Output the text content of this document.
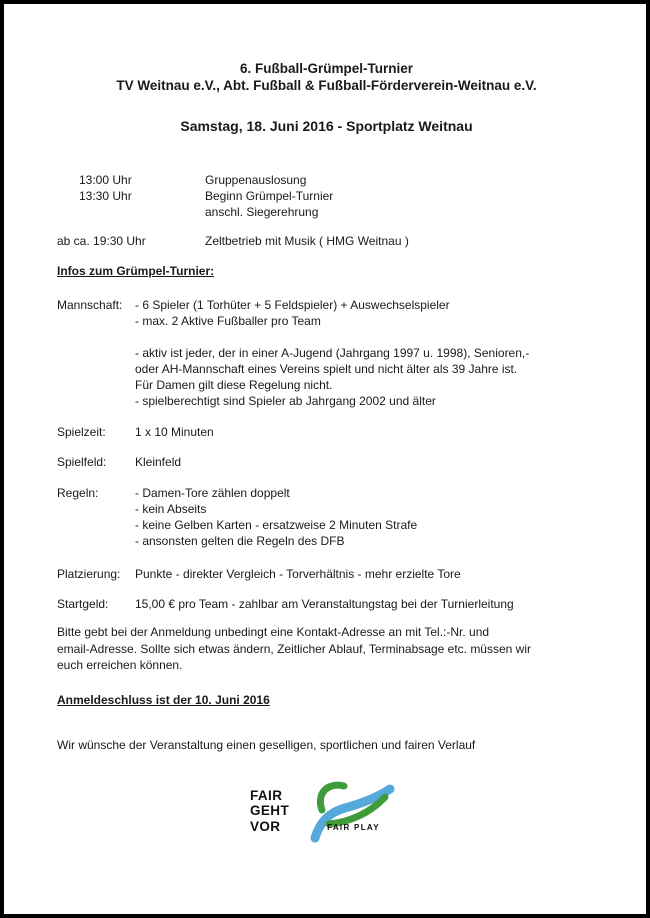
6. Fußball-Grümpel-Turnier
TV Weitnau e.V., Abt. Fußball & Fußball-Förderverein-Weitnau e.V.
Samstag, 18. Juni 2016 - Sportplatz Weitnau
13:00 Uhr	Gruppenauslosung
13:30 Uhr	Beginn Grümpel-Turnier
anschl. Siegerehrung
ab ca. 19:30 Uhr	Zeltbetrieb mit Musik ( HMG Weitnau )
Infos zum Grümpel-Turnier:
Mannschaft:	- 6 Spieler (1 Torhüter + 5 Feldspieler) + Auswechselspieler
- max. 2 Aktive Fußballer pro Team
- aktiv ist jeder, der in einer A-Jugend (Jahrgang 1997 u. 1998), Senioren,-
oder AH-Mannschaft eines Vereins spielt und nicht älter als 39 Jahre ist.
Für Damen gilt diese Regelung nicht.
- spielberechtigt sind Spieler ab Jahrgang 2002 und älter
Spielzeit:	1 x 10 Minuten
Spielfeld:	Kleinfeld
Regeln:	- Damen-Tore zählen doppelt
- kein Abseits
- keine Gelben Karten - ersatzweise 2 Minuten Strafe
- ansonsten gelten die Regeln des DFB
Platzierung:	Punkte - direkter Vergleich - Torverhältnis - mehr erzielte Tore
Startgeld:	15,00 € pro Team - zahlbar am Veranstaltungstag bei der Turnierleitung
Bitte gebt bei der Anmeldung unbedingt eine Kontakt-Adresse an mit Tel.:-Nr. und
email-Adresse. Sollte sich etwas ändern, Zeitlicher Ablauf, Terminabsage etc. müssen wir
euch erreichen können.
Anmeldeschluss ist der 10. Juni 2016
Wir wünsche der Veranstaltung einen geselligen, sportlichen und fairen Verlauf
FAIR
GEHT
VOR	FAIR PLAY
